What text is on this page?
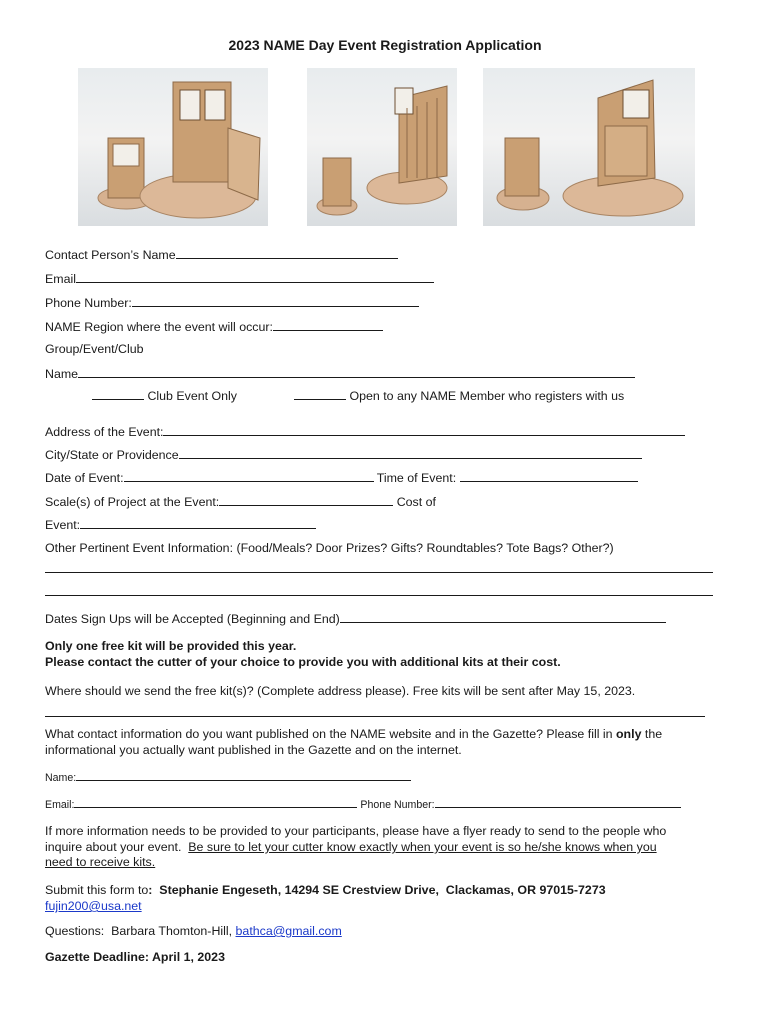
2023 NAME Day Event Registration Application
Contact Person’s Name
Email
Phone Number:
NAME Region where the event will occur:
Group/Event/Club
Name
Club Event Only	Open to any NAME Member who registers with us
Address of the Event:
City/State or Providence
Date of Event:	Time of Event:
Scale(s) of Project at the Event:	Cost of
Event:
Other Pertinent Event Information: (Food/Meals? Door Prizes? Gifts? Roundtables? Tote Bags? Other?)
Dates Sign Ups will be Accepted (Beginning and End)
Only one free kit will be provided this year.
Please contact the cutter of your choice to provide you with additional kits at their cost.
Where should we send the free kit(s)? (Complete address please). Free kits will be sent after May 15, 2023.
What contact information do you want published on the NAME website and in the Gazette? Please fill in only the
informational you actually want published in the Gazette and on the internet.
Name:
Email:	Phone Number:
If more information needs to be provided to your participants, please have a flyer ready to send to the people who
inquire about your event.  Be sure to let your cutter know exactly when your event is so he/she knows when you
need to receive kits.
Submit this form to:  Stephanie Engeseth, 14294 SE Crestview Drive,  Clackamas, OR 97015-7273
fujin200@usa.net
Questions:  Barbara Thomton-Hill, bathca@gmail.com
Gazette Deadline: April 1, 2023
